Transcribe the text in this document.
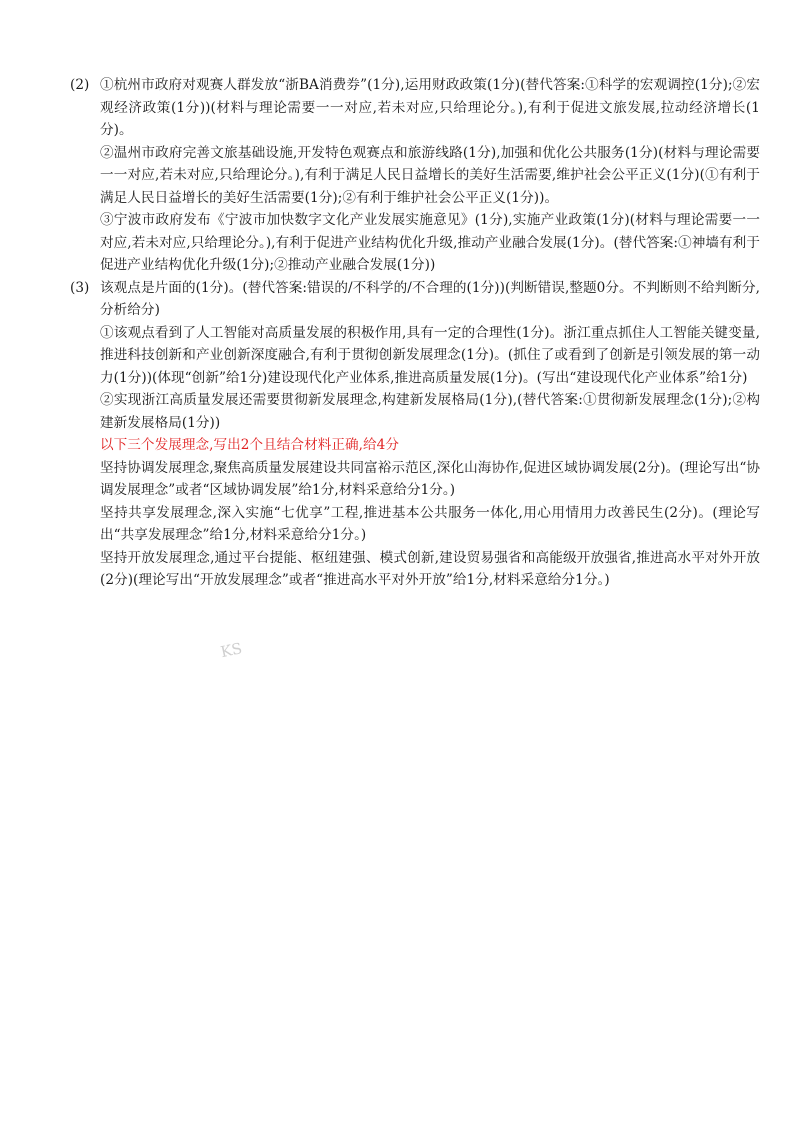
(2) ①杭州市政府对观赛人群发放“浙BA消费券”(1分),运用财政政策(1分)(替代答案:①科学的宏观调控(1分);②宏观经济政策(1分))(材料与理论需要一一对应,若未对应,只给理论分。),有利于促进文旅发展,拉动经济增长(1分)。

②温州市政府完善文旅基础设施,开发特色观赛点和旅游线路(1分),加强和优化公共服务(1分)(材料与理论需要一一对应,若未对应,只给理论分。),有利于满足人民日益增长的美好生活需要,维护社会公平正义(1分)(①有利于满足人民日益增长的美好生活需要(1分);②有利于维护社会公平正义(1分))。

③宁波市政府发布《宁波市加快数字文化产业发展实施意见》(1分),实施产业政策(1分)(材料与理论需要一一对应,若未对应,只给理论分。),有利于促进产业结构优化升级,推动产业融合发展(1分)。(替代答案:①神墙有利于促进产业结构优化升级(1分);②推动产业融合发展(1分))

(3) 该观点是片面的(1分)。(替代答案:错误的/不科学的/不合理的(1分))(判断错误,整题0分。不判断则不给判断分,分析给分)

①该观点看到了人工智能对高质量发展的积极作用,具有一定的合理性(1分)。浙江重点抓住人工智能关键变量,推进科技创新和产业创新深度融合,有利于贯彻创新发展理念(1分)。(抓住了或看到了创新是引领发展的第一动力(1分))(体现“创新”给1分)建设现代化产业体系,推进高质量发展(1分)。(写出“建设现代化产业体系”给1分)

②实现浙江高质量发展还需要贯彻新发展理念,构建新发展格局(1分),(替代答案:①贯彻新发展理念(1分);②构建新发展格局(1分))

以下三个发展理念,写出2个且结合材料正确,给4分

坚持协调发展理念,聚焦高质量发展建设共同富裕示范区,深化山海协作,促进区域协调发展(2分)。(理论写出“协调发展理念”或者“区域协调发展”给1分,材料采意给分1分。)

坚持共享发展理念,深入实施“七优享”工程,推进基本公共服务一体化,用心用情用力改善民生(2分)。(理论写出“共享发展理念”给1分,材料采意给分1分。)

坚持开放发展理念,通过平台提能、枢纽建强、模式创新,建设贸易强省和高能级开放强省,推进高水平对外开放(2分)(理论写出“开放发展理念”或者“推进高水平对外开放”给1分,材料采意给分1分。)

KS
